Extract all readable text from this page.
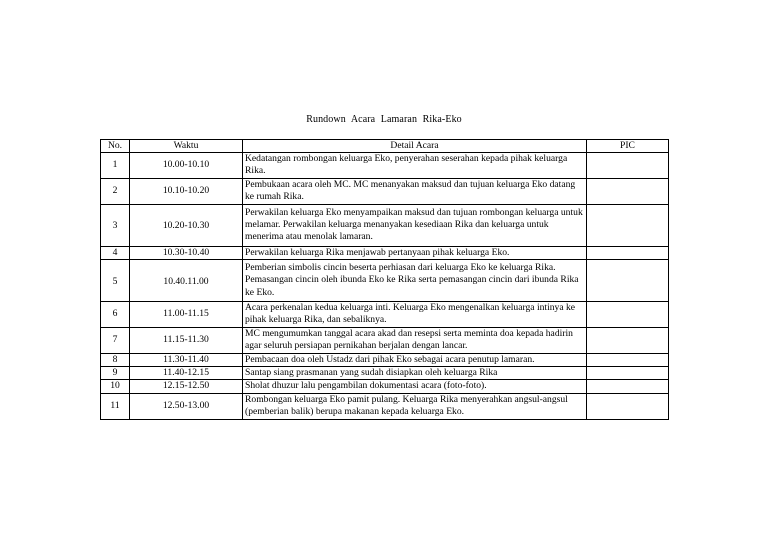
Rundown Acara Lamaran Rika-Eko
No.	Waktu	Detail Acara	PIC
1	10.00-10.10	Kedatangan rombongan keluarga Eko, penyerahan seserahan kepada pihak keluarga Rika.	
2	10.10-10.20	Pembukaan acara oleh MC. MC menanyakan maksud dan tujuan keluarga Eko datang ke rumah Rika.	
3	10.20-10.30	Perwakilan keluarga Eko menyampaikan maksud dan tujuan rombongan keluarga untuk melamar. Perwakilan keluarga menanyakan kesediaan Rika dan keluarga untuk menerima atau menolak lamaran.	
4	10.30-10.40	Perwakilan keluarga Rika menjawab pertanyaan pihak keluarga Eko.	
5	10.40.11.00	Pemberian simbolis cincin beserta perhiasan dari keluarga Eko ke keluarga Rika. Pemasangan cincin oleh ibunda Eko ke Rika serta pemasangan cincin dari ibunda Rika ke Eko.	
6	11.00-11.15	Acara perkenalan kedua keluarga inti. Keluarga Eko mengenalkan keluarga intinya ke pihak keluarga Rika, dan sebaliknya.	
7	11.15-11.30	MC mengumumkan tanggal acara akad dan resepsi serta meminta doa kepada hadirin agar seluruh persiapan pernikahan berjalan dengan lancar.	
8	11.30-11.40	Pembacaan doa oleh Ustadz dari pihak Eko sebagai acara penutup lamaran.	
9	11.40-12.15	Santap siang prasmanan yang sudah disiapkan oleh keluarga Rika	
10	12.15-12.50	Sholat dhuzur lalu pengambilan dokumentasi acara (foto-foto).	
11	12.50-13.00	Rombongan keluarga Eko pamit pulang. Keluarga Rika menyerahkan angsul-angsul (pemberian balik) berupa makanan kepada keluarga Eko.	
